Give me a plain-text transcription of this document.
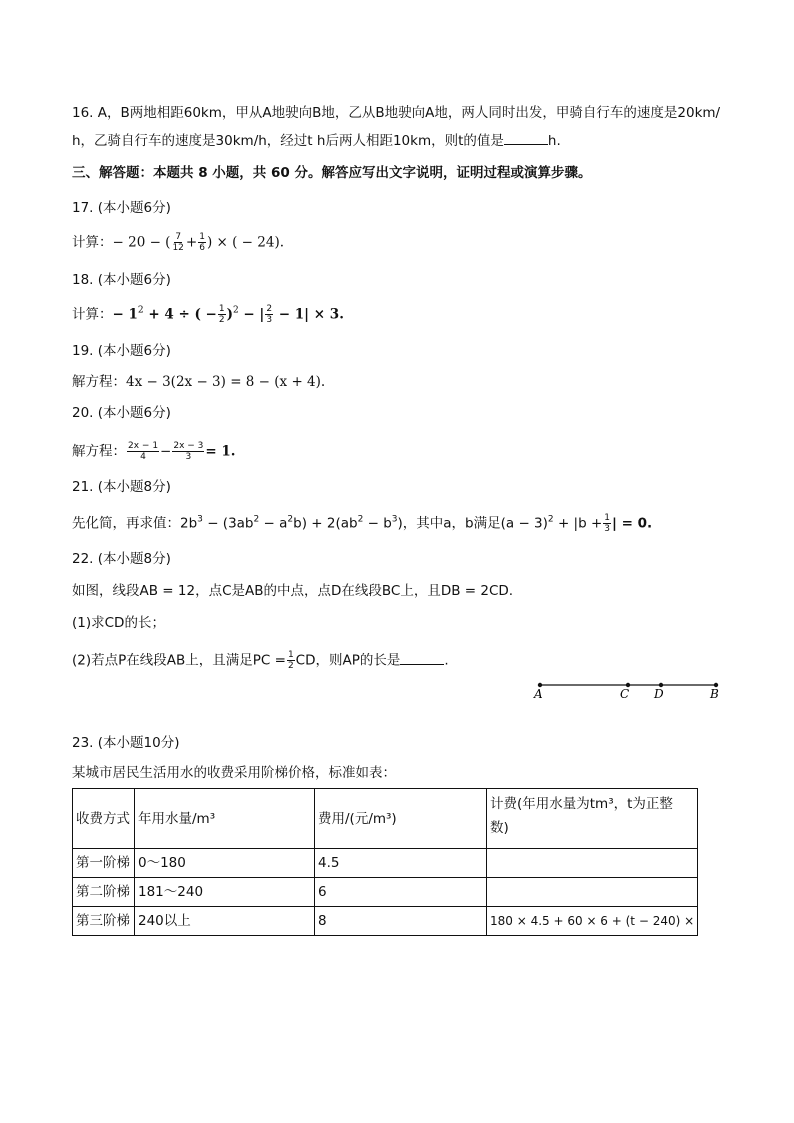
16. A，B两地相距60km，甲从A地驶向B地，乙从B地驶向A地，两人同时出发，甲骑自行车的速度是20km/
h，乙骑自行车的速度是30km/h，经过t h后两人相距10km，则t的值是	h.
三、解答题：本题共 8 小题，共 60 分。解答应写出文字说明，证明过程或演算步骤。
17. (本小题6分)
计算：− 20 − ( $\frac{7}{12} + \frac{1}{6}$ ) × ( − 24).
18. (本小题6分)
计算：− $1^2 + 4$ ÷ ( − $\frac{1}{2} )^2$ − | $\frac{2}{3} - 1| \times 3$.
19. (本小题6分)
解方程：4x − 3(2x − 3) = 8 − (x + 4).
20. (本小题6分)
解方程： $\frac{2x - 1}{4} - \frac{2x - 3}{3} = 1$.
21. (本小题8分)
先化简，再求值：$2b^3 - (3ab^2 - a^2b) + 2(ab^2 - b^3)$，其中a，b满足$(a - 3)^2 + |b + \frac{1}{3}$ | = 0.
22. (本小题8分)
如图，线段AB = 12，点C是AB的中点，点D在线段BC上，且DB = 2CD.
(1)求CD的长；
(2)若点P在线段AB上，且满足PC = $\frac{1}{2}$ CD，则AP的长是	.
A	C D	B
23. (本小题10分)
某城市居民生活用水的收费采用阶梯价格，标准如表：
收费方式	年用水量/m³	费用/(元/m³)	计费(年用水量为tm³，t为正整
数)

第一阶梯	0～180	4.5	
第二阶梯	181～240	6	
第三阶梯	240以上	8	180 × 4.5 + 60 × 6 + (t − 240) ×
